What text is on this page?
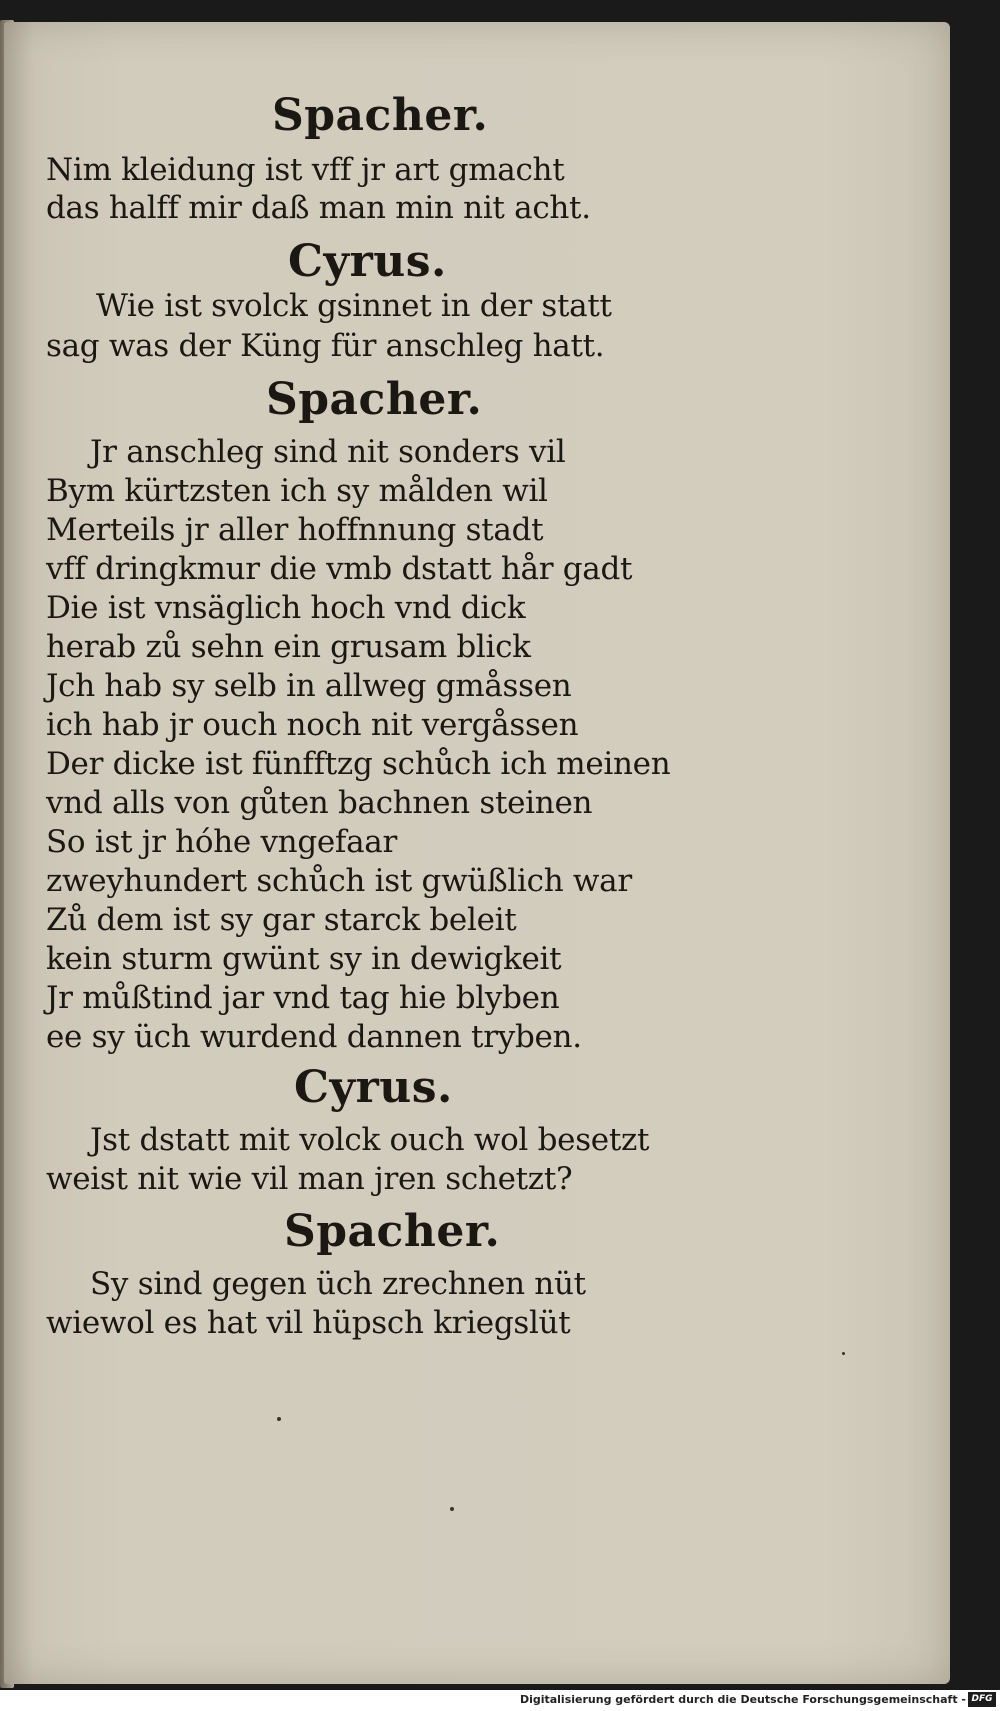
Spacher.
Nim kleidung ist vff jr art gmacht
das halff mir daß man min nit acht.
Cyrus.
Wie ist svolck gsinnet in der statt
sag was der Küng für anschleg hatt.
Spacher.
Jr anschleg sind nit sonders vil
Bym kürtzsten ich sy målden wil
Merteils jr aller hoffnnung stadt
vff dringkmur die vmb dstatt hår gadt
Die ist vnsäglich hoch vnd dick
herab zů sehn ein grusam blick
Jch hab sy selb in allweg gmåssen
ich hab jr ouch noch nit vergåssen
Der dicke ist fünfftzg schůch ich meinen
vnd alls von gůten bachnen steinen
So ist jr hóhe vngefaar
zweyhundert schůch ist gwüßlich war
Zů dem ist sy gar starck beleit
kein sturm gwünt sy in dewigkeit
Jr můßtind jar vnd tag hie blyben
ee sy üch wurdend dannen tryben.
Cyrus.
Jst dstatt mit volck ouch wol besetzt
weist nit wie vil man jren schetzt?
Spacher.
Sy sind gegen üch zrechnen nüt
wiewol es hat vil hüpsch kriegslüt
Digitalisierung gefördert durch die Deutsche Forschungsgemeinschaft - DFG
